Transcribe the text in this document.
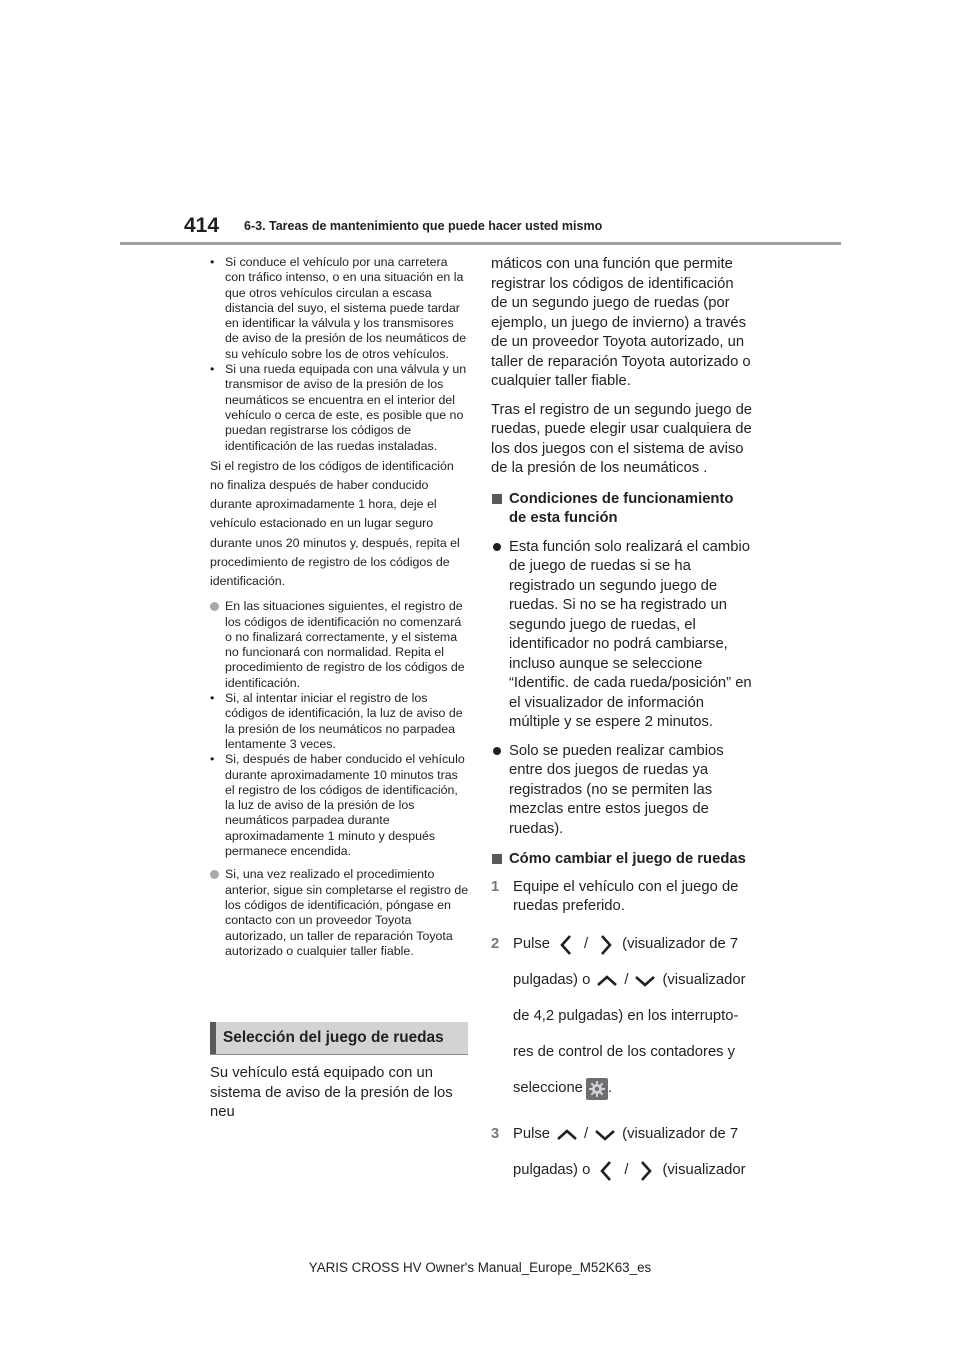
414 6-3. Tareas de mantenimiento que puede hacer usted mismo
• Si conduce el vehículo por una carretera con tráfico intenso, o en una situación en la que otros vehículos circulan a escasa distancia del suyo, el sistema puede tardar en identificar la válvula y los transmisores de aviso de la presión de los neumáticos de su vehículo sobre los de otros vehículos.
• Si una rueda equipada con una válvula y un transmisor de aviso de la presión de los neumáticos se encuentra en el interior del vehículo o cerca de este, es posible que no puedan registrarse los códigos de identificación de las ruedas instaladas.
Si el registro de los códigos de identificación
no finaliza después de haber conducido
durante aproximadamente 1 hora, deje el
vehículo estacionado en un lugar seguro
durante unos 20 minutos y, después, repita el
procedimiento de registro de los códigos de
identificación.
En las situaciones siguientes, el registro de los códigos de identificación no comenzará o no finalizará correctamente, y el sistema no funcionará con normalidad. Repita el procedimiento de registro de los códigos de identificación.
• Si, al intentar iniciar el registro de los códigos de identificación, la luz de aviso de la presión de los neumáticos no parpadea lentamente 3 veces.
• Si, después de haber conducido el vehículo durante aproximadamente 10 minutos tras el registro de los códigos de identificación, la luz de aviso de la presión de los neumáticos parpadea durante aproximadamente 1 minuto y después permanece encendida.
Si, una vez realizado el procedimiento anterior, sigue sin completarse el registro de los códigos de identificación, póngase en contacto con un proveedor Toyota autorizado, un taller de reparación Toyota autorizado o cualquier taller fiable.
Selección del juego de ruedas
Su vehículo está equipado con un sistema de aviso de la presión de los neu
máticos con una función que permite registrar los códigos de identificación de un segundo juego de ruedas (por ejemplo, un juego de invierno) a través de un proveedor Toyota autorizado, un taller de reparación Toyota autorizado o cualquier taller fiable.
Tras el registro de un segundo juego de ruedas, puede elegir usar cualquiera de los dos juegos con el sistema de aviso de la presión de los neumáticos .
Condiciones de funcionamiento de esta función
Esta función solo realizará el cambio de juego de ruedas si se ha registrado un segundo juego de ruedas. Si no se ha registrado un segundo juego de ruedas, el identificador no podrá cambiarse, incluso aunque se seleccione “Identific. de cada rueda/posición” en el visualizador de información múltiple y se espere 2 minutos.
Solo se pueden realizar cambios entre dos juegos de ruedas ya registrados (no se permiten las mezclas entre estos juegos de ruedas).
Cómo cambiar el juego de ruedas
1 Equipe el vehículo con el juego de ruedas preferido.
2 Pulse / (visualizador de 7
pulgadas) o / (visualizador
de 4,2 pulgadas) en los interrupto-
res de control de los contadores y
seleccione .
3 Pulse / (visualizador de 7
pulgadas) o / (visualizador
YARIS CROSS HV Owner's Manual_Europe_M52K63_es
